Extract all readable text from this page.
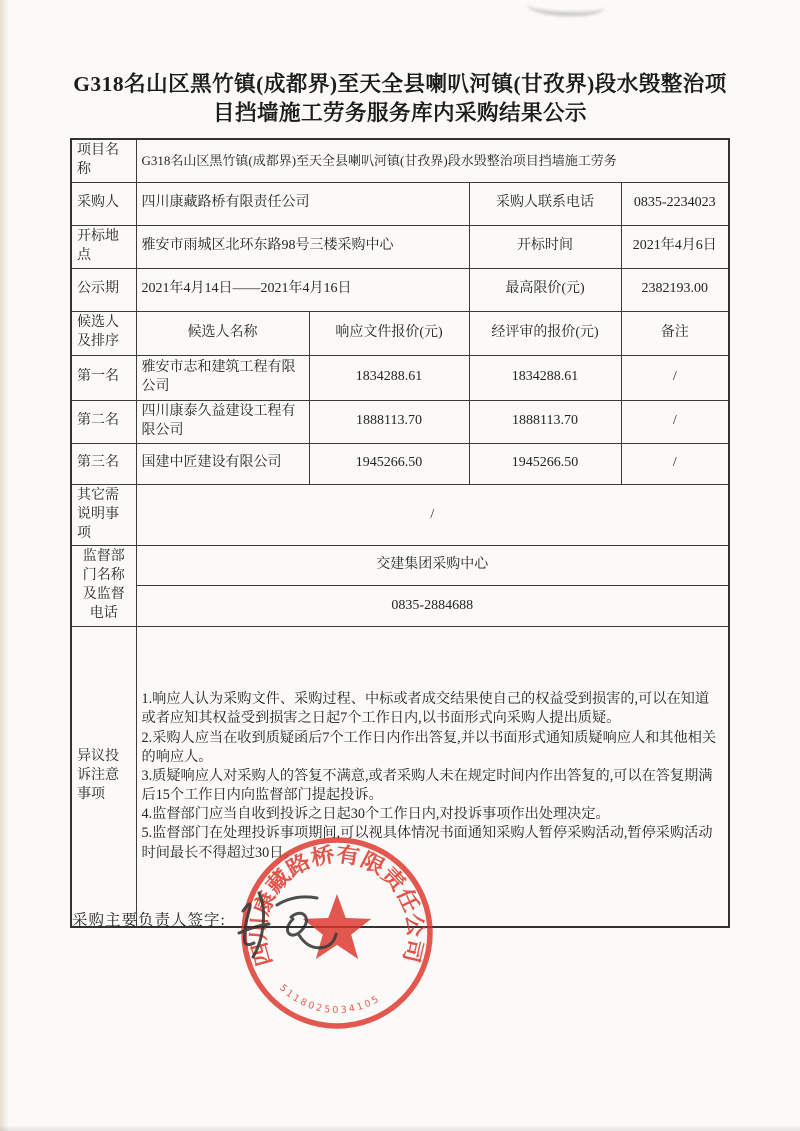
G318名山区黑竹镇(成都界)至天全县喇叭河镇(甘孜界)段水毁整治项
目挡墙施工劳务服务库内采购结果公示
项目名称	G318名山区黑竹镇(成都界)至天全县喇叭河镇(甘孜界)段水毁整治项目挡墙施工劳务			
采购人	四川康藏路桥有限责任公司		采购人联系电话	0835-2234023
开标地点	雅安市雨城区北环东路98号三楼采购中心		开标时间	2021年4月6日
公示期	2021年4月14日——2021年4月16日		最高限价(元)	2382193.00
候选人及排序	候选人名称	响应文件报价(元)	经评审的报价(元)	备注
第一名	雅安市志和建筑工程有限公司	1834288.61	1834288.61	/
第二名	四川康泰久益建设工程有限公司	1888113.70	1888113.70	/
第三名	国建中匠建设有限公司	1945266.50	1945266.50	/
其它需说明事项	/			
监督部门名称及监督电话	交建集团采购中心			
	0835-2884688			
异议投诉注意事项	1.响应人认为采购文件、采购过程、中标或者成交结果使自己的权益受到损害的,可以在知道或者应知其权益受到损害之日起7个工作日内,以书面形式向采购人提出质疑。

2.采购人应当在收到质疑函后7个工作日内作出答复,并以书面形式通知质疑响应人和其他相关的响应人。

3.质疑响应人对采购人的答复不满意,或者采购人未在规定时间内作出答复的,可以在答复期满后15个工作日内向监督部门提起投诉。

4.监督部门应当自收到投诉之日起30个工作日内,对投诉事项作出处理决定。

5.监督部门在处理投诉事项期间,可以视具体情况书面通知采购人暂停采购活动,暂停采购活动时间最长不得超过30日。			

采购主要负责人签字:
四川康藏路桥有限责任公司
5118025034105
